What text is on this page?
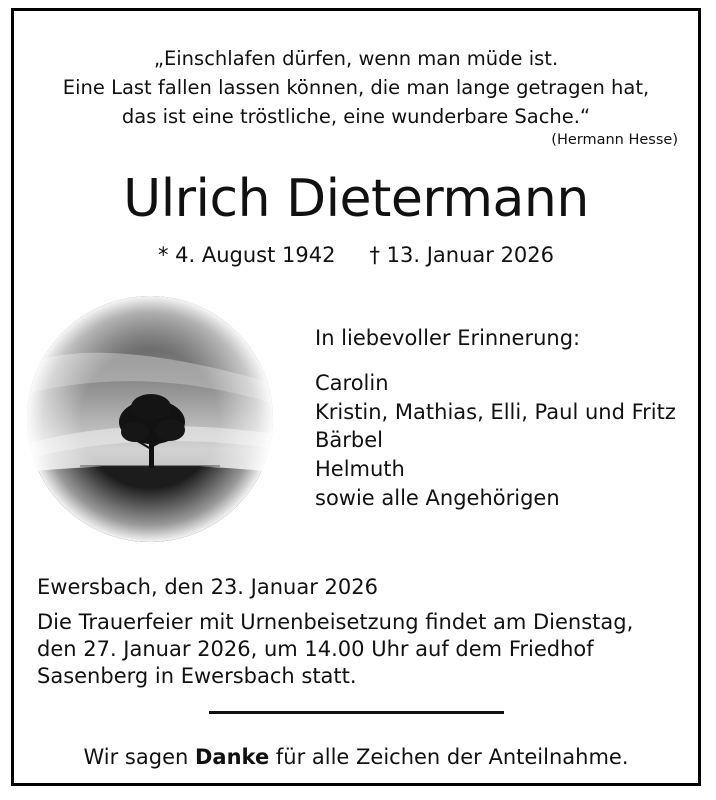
„Einschlafen dürfen, wenn man müde ist.
Eine Last fallen lassen können, die man lange getragen hat,
das ist eine tröstliche, eine wunderbare Sache.“
(Hermann Hesse)
Ulrich Dietermann
* 4. August 1942 † 13. Januar 2026
In liebevoller Erinnerung:
Carolin
Kristin, Mathias, Elli, Paul und Fritz
Bärbel
Helmuth
sowie alle Angehörigen
Ewersbach, den 23. Januar 2026
Die Trauerfeier mit Urnenbeisetzung findet am Dienstag,
den 27. Januar 2026, um 14.00 Uhr auf dem Friedhof
Sasenberg in Ewersbach statt.
Wir sagen Danke für alle Zeichen der Anteilnahme.
